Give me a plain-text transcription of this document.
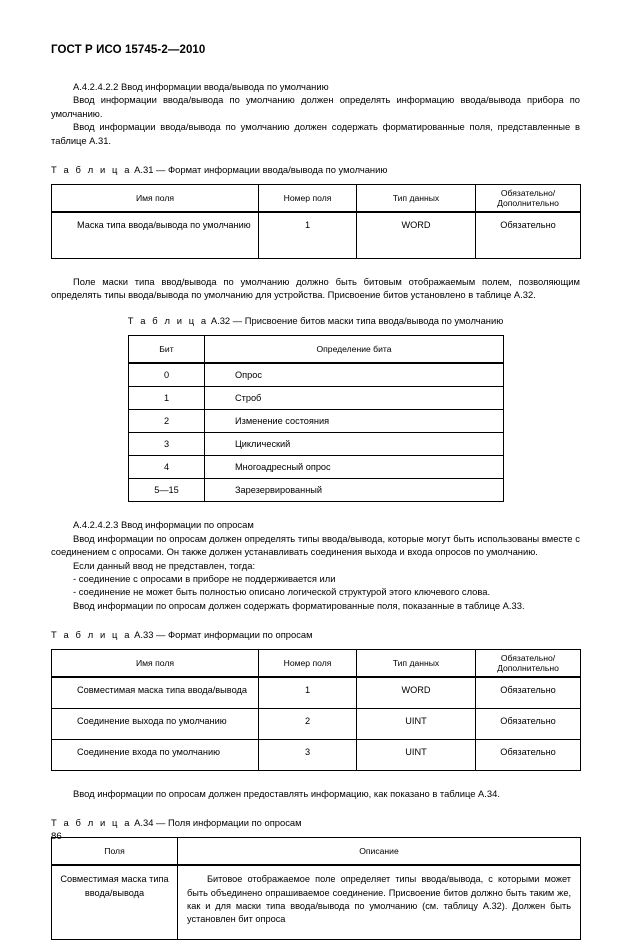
ГОСТ Р ИСО 15745-2—2010

A.4.2.4.2.2 Ввод информации ввода/вывода по умолчанию

Ввод информации ввода/вывода по умолчанию должен определять информацию ввода/вывода прибора по умолчанию.

Ввод информации ввода/вывода по умолчанию должен содержать форматированные поля, представленные в таблице А.31.

Т а б л и ц а А.31 — Формат информации ввода/вывода по умолчанию
Имя поля	Номер поля	Тип данных	Обязательно/Дополнительно
Маска типа ввода/вывода по умолчанию	1	WORD	Обязательно

Поле маски типа ввод/вывода по умолчанию должно быть битовым отображаемым полем, позволяющим определять типы ввода/вывода по умолчанию для устройства. Присвоение битов установлено в таблице А.32.

Т а б л и ц а А.32 — Присвоение битов маски типа ввода/вывода по умолчанию
Бит	Определение бита
0	Опрос
1	Строб
2	Изменение состояния
3	Циклический
4	Многоадресный опрос
5—15	Зарезервированный

A.4.2.4.2.3 Ввод информации по опросам

Ввод информации по опросам должен определять типы ввода/вывода, которые могут быть использованы вместе с соединением с опросами. Он также должен устанавливать соединения выхода и входа опросов по умолчанию.

Если данный ввод не представлен, тогда:

- соединение с опросами в приборе не поддерживается или

- соединение не может быть полностью описано логической структурой этого ключевого слова.

Ввод информации по опросам должен содержать форматированные поля, показанные в таблице А.33.

Т а б л и ц а А.33 — Формат информации по опросам
Имя поля	Номер поля	Тип данных	Обязательно/Дополнительно
Совместимая маска типа ввода/вывода	1	WORD	Обязательно
Соединение выхода по умолчанию	2	UINT	Обязательно
Соединение входа по умолчанию	3	UINT	Обязательно

Ввод информации по опросам должен предоставлять информацию, как показано в таблице А.34.

Т а б л и ц а А.34 — Поля информации по опросам
Поля	Описание
Совместимая маска типа ввода/вывода	Битовое отображаемое поле определяет типы ввода/вывода, с которыми может быть объединено опрашиваемое соединение. Присвоение битов должно быть таким же, как и для маски типа ввода/вывода по умолчанию (см. таблицу А.32). Должен быть установлен бит опроса
86
